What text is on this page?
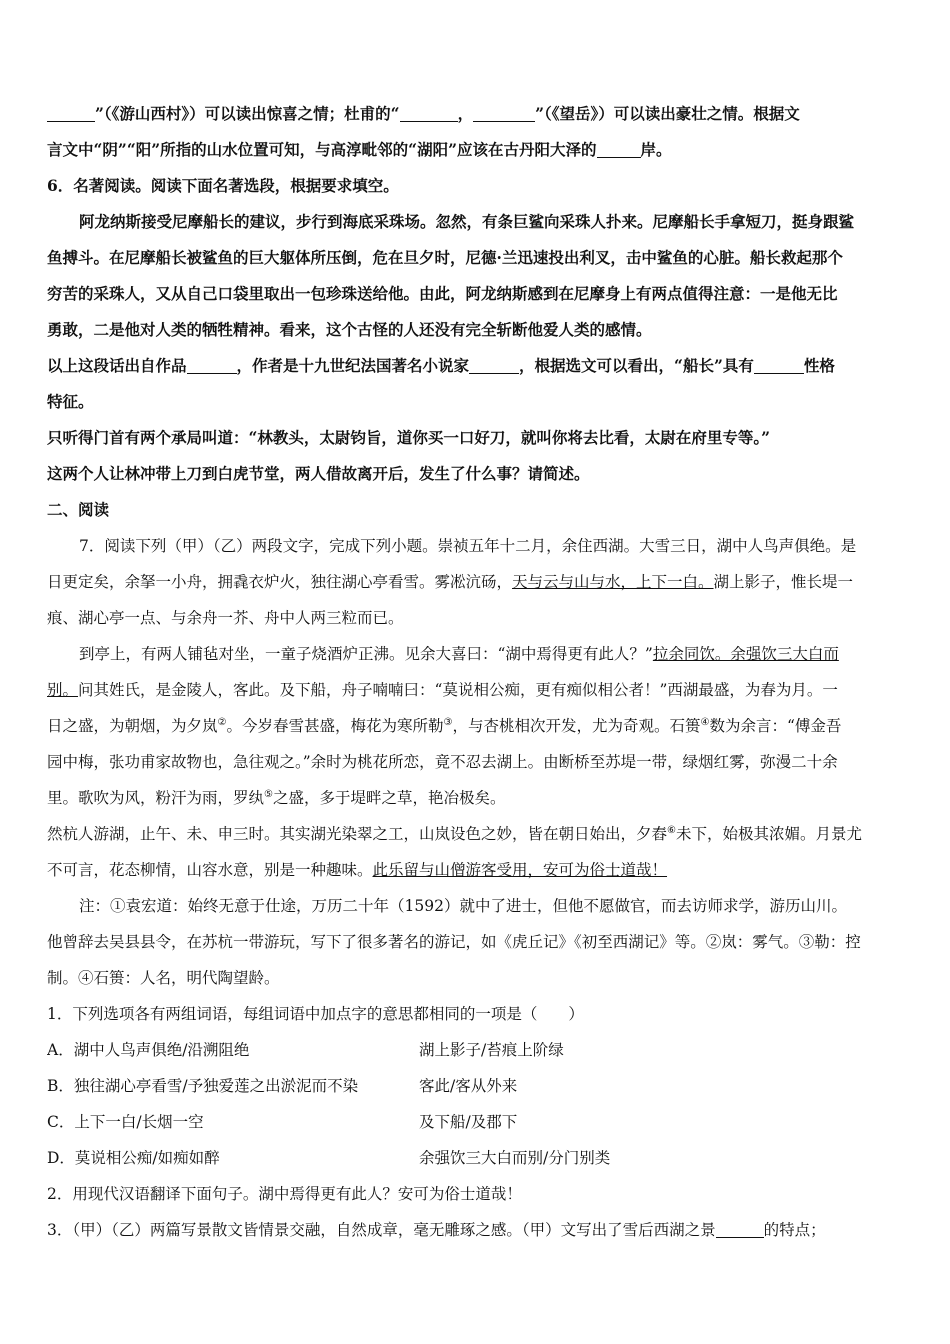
”（《游山西村》）可以读出惊喜之情；杜甫的“	，	”（《望岳》）可以读出豪壮之情。根据文
言文中“阴”“阳”所指的山水位置可知，与高淳毗邻的“湖阳”应该在古丹阳大泽的	岸。
6．名著阅读。阅读下面名著选段，根据要求填空。
阿龙纳斯接受尼摩船长的建议，步行到海底采珠场。忽然，有条巨鲨向采珠人扑来。尼摩船长手拿短刀，挺身跟鲨
鱼搏斗。在尼摩船长被鲨鱼的巨大躯体所压倒，危在旦夕时，尼德·兰迅速投出利叉，击中鲨鱼的心脏。船长救起那个
穷苦的采珠人，又从自己口袋里取出一包珍珠送给他。由此，阿龙纳斯感到在尼摩身上有两点值得注意：一是他无比
勇敢，二是他对人类的牺牲精神。看来，这个古怪的人还没有完全斩断他爱人类的感情。
以上这段话出自作品	，作者是十九世纪法国著名小说家	，根据选文可以看出，“船长”具有	性格
特征。
只听得门首有两个承局叫道：“林教头，太尉钧旨，道你买一口好刀，就叫你将去比看，太尉在府里专等。”
这两个人让林冲带上刀到白虎节堂，两人借故离开后，发生了什么事？请简述。
二、阅读
7．阅读下列（甲）（乙）两段文字，完成下列小题。崇祯五年十二月，余住西湖。大雪三日，湖中人鸟声俱绝。是
日更定矣，余拏一小舟，拥毳衣炉火，独往湖心亭看雪。雾凇沆砀，天与云与山与水，上下一白。湖上影子，惟长堤一
痕、湖心亭一点、与余舟一芥、舟中人两三粒而已。
到亭上，有两人铺毡对坐，一童子烧酒炉正沸。见余大喜曰：“湖中焉得更有此人？”拉余同饮。余强饮三大白而
别。问其姓氏，是金陵人，客此。及下船，舟子喃喃曰：“莫说相公痴，更有痴似相公者！”西湖最盛，为春为月。一
日之盛，为朝烟，为夕岚②。今岁春雪甚盛，梅花为寒所勒③，与杏桃相次开发，尤为奇观。石篑④数为余言：“傅金吾
园中梅，张功甫家故物也，急往观之。”余时为桃花所恋，竟不忍去湖上。由断桥至苏堤一带，绿烟红雾，弥漫二十余
里。歌吹为风，粉汗为雨，罗纨⑤之盛，多于堤畔之草，艳冶极矣。
然杭人游湖，止午、未、申三时。其实湖光染翠之工，山岚设色之妙，皆在朝日始出，夕舂⑥未下，始极其浓媚。月景尤
不可言，花态柳情，山容水意，别是一种趣味。此乐留与山僧游客受用，安可为俗士道哉！
注：①袁宏道：始终无意于仕途，万历二十年（1592）就中了进士，但他不愿做官，而去访师求学，游历山川。
他曾辞去吴县县令，在苏杭一带游玩，写下了很多著名的游记，如《虎丘记》《初至西湖记》等。②岚：雾气。③勒：控
制。④石篑：人名，明代陶望龄。
1．下列选项各有两组词语，每组词语中加点字的意思都相同的一项是（　　）
A．湖中人鸟声俱绝/沿溯阻绝	湖上影子/苔痕上阶绿
B．独往湖心亭看雪/予独爱莲之出淤泥而不染	客此/客从外来
C．上下一白/长烟一空	及下船/及郡下
D．莫说相公痴/如痴如醉	余强饮三大白而别/分门别类
2．用现代汉语翻译下面句子。湖中焉得更有此人？安可为俗士道哉！
3．（甲）（乙）两篇写景散文皆情景交融，自然成章，毫无雕琢之感。（甲）文写出了雪后西湖之景	的特点；
